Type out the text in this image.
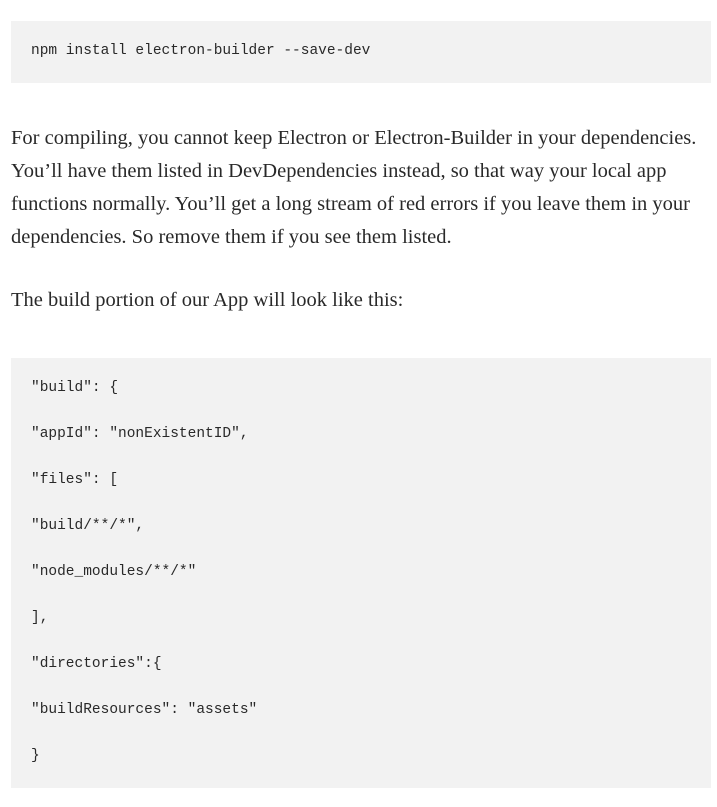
npm install electron-builder --save-dev

For compiling, you cannot keep Electron or Electron-Builder in your dependencies. You’ll have them listed in DevDependencies instead, so that way your local app functions normally. You’ll get a long stream of red errors if you leave them in your dependencies. So remove them if you see them listed.

The build portion of our App will look like this:

"build": {
"appId": "nonExistentID",
"files": [
"build/**/*",
"node_modules/**/*"
],
"directories":{
"buildResources": "assets"
}
